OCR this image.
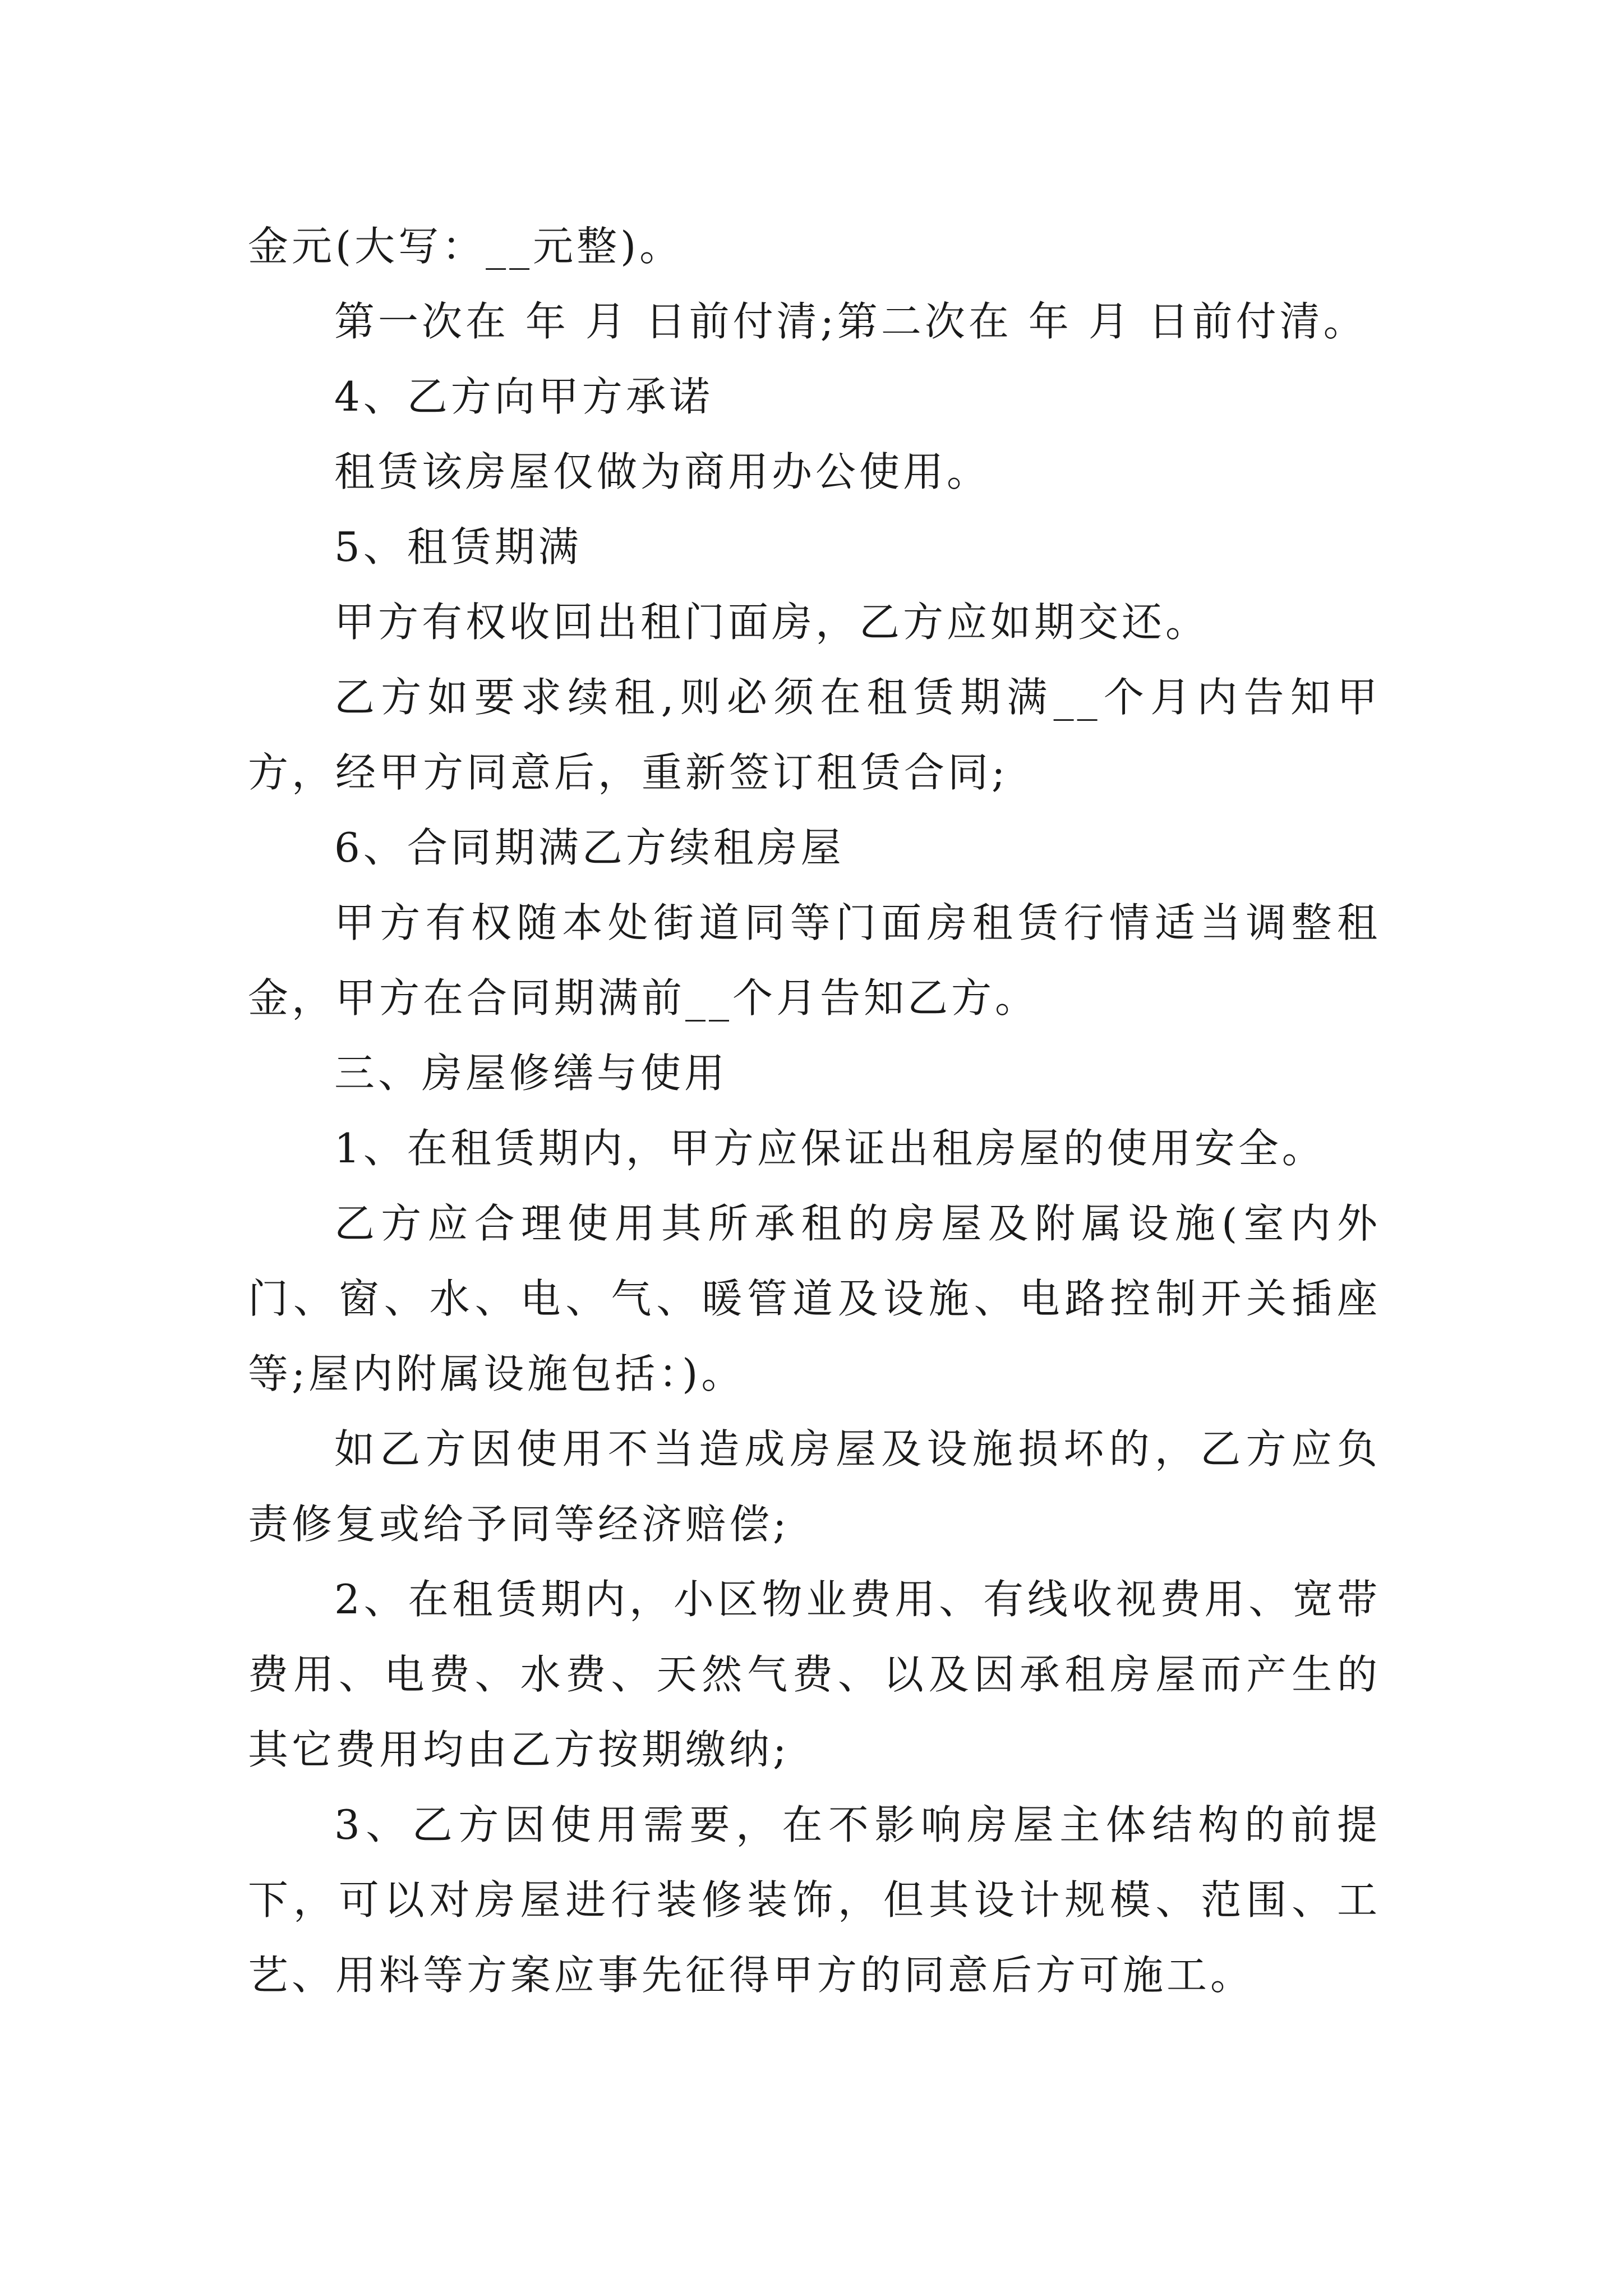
金元(大写：__元整)。

第一次在 年 月 日前付清;第二次在 年 月 日前付清。

4、乙方向甲方承诺

租赁该房屋仅做为商用办公使用。

5、租赁期满

甲方有权收回出租门面房，乙方应如期交还。

乙方如要求续租,则必须在租赁期满__个月内告知甲方，经甲方同意后，重新签订租赁合同;

6、合同期满乙方续租房屋

甲方有权随本处街道同等门面房租赁行情适当调整租金，甲方在合同期满前__个月告知乙方。

三、房屋修缮与使用

1、在租赁期内，甲方应保证出租房屋的使用安全。

乙方应合理使用其所承租的房屋及附属设施(室内外门、窗、水、电、气、暖管道及设施、电路控制开关插座等;屋内附属设施包括：)。

如乙方因使用不当造成房屋及设施损坏的，乙方应负责修复或给予同等经济赔偿;

2、在租赁期内，小区物业费用、有线收视费用、宽带费用、电费、水费、天然气费、以及因承租房屋而产生的其它费用均由乙方按期缴纳;

3、乙方因使用需要，在不影响房屋主体结构的前提下，可以对房屋进行装修装饰，但其设计规模、范围、工艺、用料等方案应事先征得甲方的同意后方可施工。
